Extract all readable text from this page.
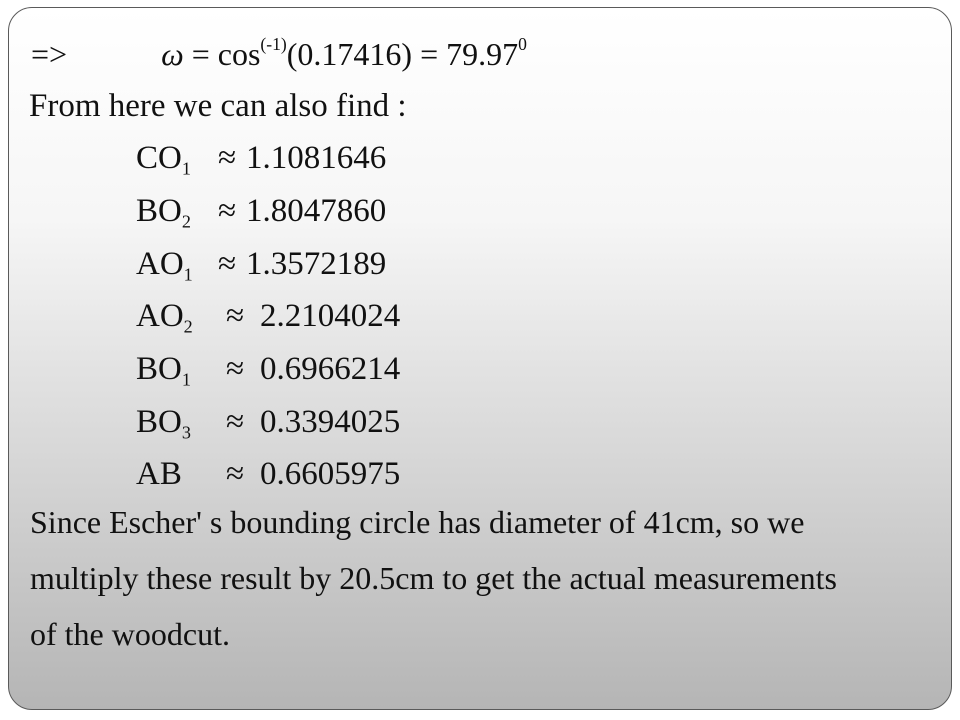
=>	$\omega = \cos^{(-1)}(0.17416) = 79.97^0$
From here we can also find :
$CO_1 \approx 1.1081646$
$BO_2 \approx 1.8047860$
$AO_1 \approx 1.3572189$
$AO_2 \approx 2.2104024$
$BO_1 \approx 0.6966214$
$BO_3 \approx 0.3394025$
AB ≈ 0.6605975
Since Escher' s bounding circle has diameter of 41cm, so we
multiply these result by 20.5cm to get the actual measurements
of the woodcut.
